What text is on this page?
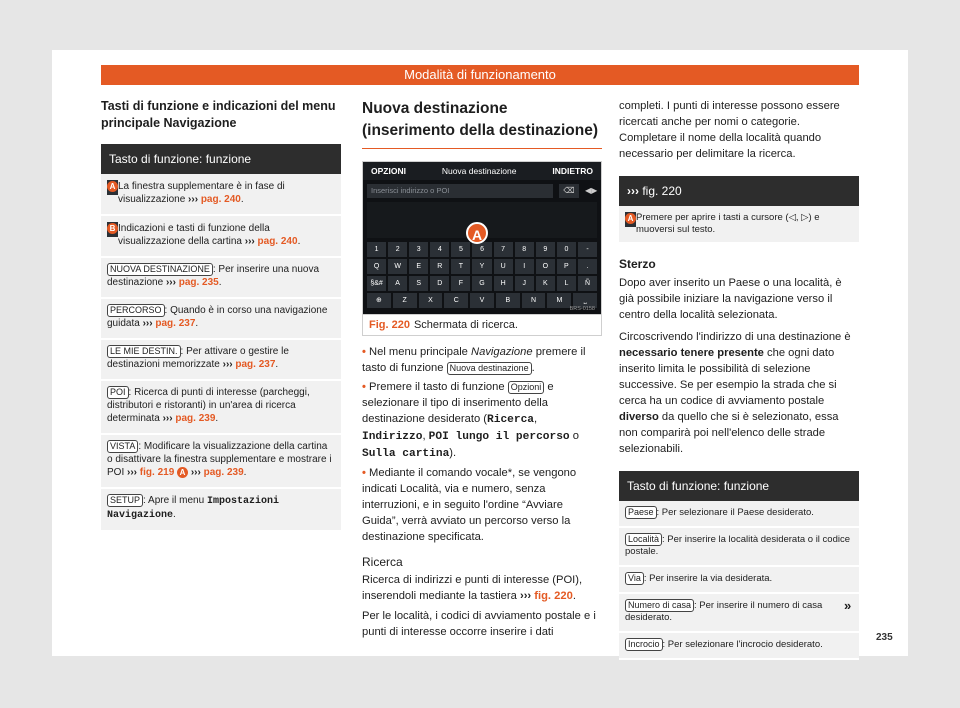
Modalità di funzionamento
Tasti di funzione e indicazioni del menu principale Navigazione
Tasto di funzione: funzione
A La finestra supplementare è in fase di visualizzazione ››› pag. 240.
B Indicazioni e tasti di funzione della visualizzazione della cartina ››› pag. 240.
NUOVA DESTINAZIONE : Per inserire una nuova destinazione ››› pag. 235.
PERCORSO : Quando è in corso una navigazione guidata ››› pag. 237.
LE MIE DESTIN. : Per attivare o gestire le destinazioni memorizzate ››› pag. 237.
POI : Ricerca di punti di interesse (parcheggi, distributori e ristoranti) in un'area di ricerca determinata ››› pag. 239.
VISTA : Modificare la visualizzazione della cartina o disattivare la finestra supplementare e mostrare i POI ››› fig. 219 A ››› pag. 239.
SETUP : Apre il menu Impostazioni Navigazione.
Nuova destinazione (inserimento della destinazione)
OPZIONI	Nuova destinazione	INDIETRO
Inserisci indirizzo o POI	⌫	◀▶
1	2	3	4	5	6	7	8	9	0	-
Q	W	E	R	T	Y	U	I	O	P	.
§&#	A	S	D	F	G	H	J	K	L	Ñ
⊕	Z	X	C	V	B	N	M	⎵
A
BRS-0158
Fig. 220 Schermata di ricerca.
• Nel menu principale Navigazione premere il tasto di funzione Nuova destinazione .
• Premere il tasto di funzione Opzioni e selezionare il tipo di inserimento della destinazione desiderato (Ricerca, Indirizzo, POI lungo il percorso o Sulla cartina).
• Mediante il comando vocale*, se vengono indicati Località, via e numero, senza interruzioni, e in seguito l'ordine “Avviare Guida”, verrà avviato un percorso verso la destinazione specificata.
Ricerca
Ricerca di indirizzi e punti di interesse (POI), inserendoli mediante la tastiera ››› fig. 220.
Per le località, i codici di avviamento postale e i punti di interesse occorre inserire i dati
completi. I punti di interesse possono essere ricercati anche per nomi o categorie. Completare il nome della località quando necessario per delimitare la ricerca.
››› fig. 220
A Premere per aprire i tasti a cursore (◁, ▷) e muoversi sul testo.
Sterzo
Dopo aver inserito un Paese o una località, è già possibile iniziare la navigazione verso il centro della località selezionata.
Circoscrivendo l'indirizzo di una destinazione è necessario tenere presente che ogni dato inserito limita le possibilità di selezione successive. Se per esempio la strada che si cerca ha un codice di avviamento postale diverso da quello che si è selezionato, essa non comparirà poi nell'elenco delle strade selezionabili.
Tasto di funzione: funzione
Paese : Per selezionare il Paese desiderato.
Località : Per inserire la località desiderata o il codice postale.
Via : Per inserire la via desiderata.
Numero di casa : Per inserire il numero di casa desiderato.
Incrocio : Per selezionare l'incrocio desiderato.
»
235
